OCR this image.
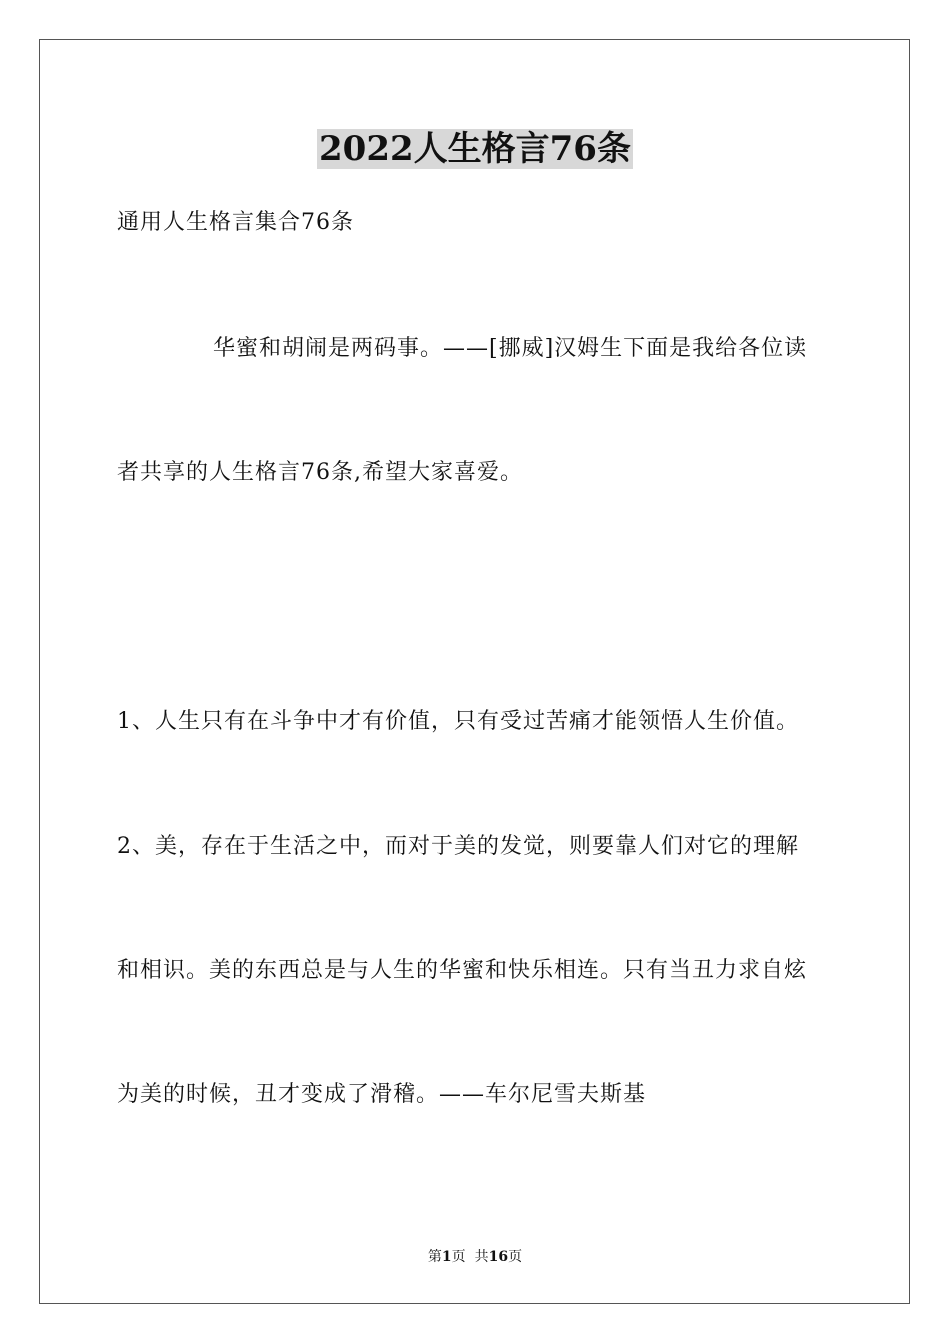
2022人生格言76条
通用人生格言集合76条
华蜜和胡闹是两码事。——[挪威]汉姆生下面是我给各位读
者共享的人生格言76条,希望大家喜爱。
1、人生只有在斗争中才有价值，只有受过苦痛才能领悟人生价值。
2、美，存在于生活之中，而对于美的发觉，则要靠人们对它的理解
和相识。美的东西总是与人生的华蜜和快乐相连。只有当丑力求自炫
为美的时候，丑才变成了滑稽。——车尔尼雪夫斯基
第1页  共16页
